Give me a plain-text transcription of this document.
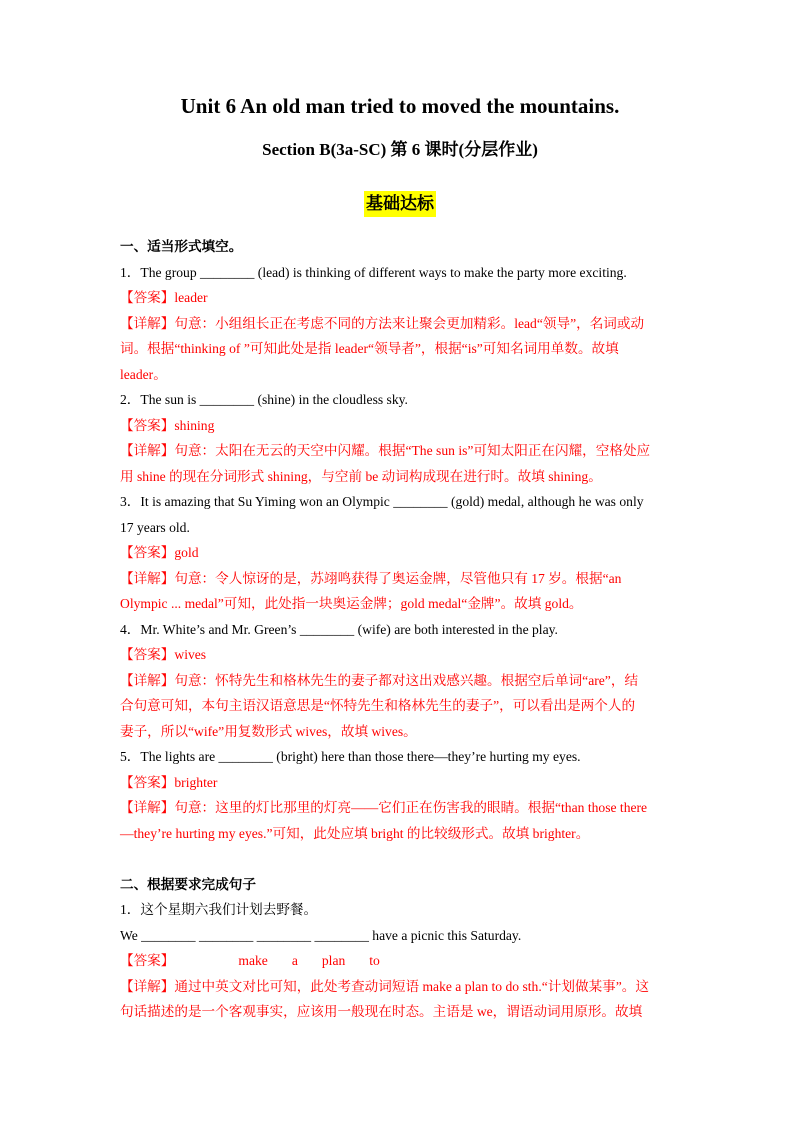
Unit 6 An old man tried to moved the mountains.
Section B(3a-SC) 第 6 课时(分层作业)
基础达标
一、适当形式填空。
1．The group ________ (lead) is thinking of different ways to make the party more exciting.
【答案】leader
【详解】句意：小组组长正在考虑不同的方法来让聚会更加精彩。lead“领导”，名词或动
词。根据“thinking of ”可知此处是指 leader“领导者”，根据“is”可知名词用单数。故填
leader。
2．The sun is ________ (shine) in the cloudless sky.
【答案】shining
【详解】句意：太阳在无云的天空中闪耀。根据“The sun is”可知太阳正在闪耀，空格处应
用 shine 的现在分词形式 shining，与空前 be 动词构成现在进行时。故填 shining。
3．It is amazing that Su Yiming won an Olympic ________ (gold) medal, although he was only
17 years old.
【答案】gold
【详解】句意：令人惊讶的是，苏翊鸣获得了奥运金牌，尽管他只有 17 岁。根据“an
Olympic ... medal”可知，此处指一块奥运金牌；gold medal“金牌”。故填 gold。
4．Mr. White’s and Mr. Green’s ________ (wife) are both interested in the play.
【答案】wives
【详解】句意：怀特先生和格林先生的妻子都对这出戏感兴趣。根据空后单词“are”，结
合句意可知，本句主语汉语意思是“怀特先生和格林先生的妻子”，可以看出是两个人的
妻子，所以“wife”用复数形式 wives，故填 wives。
5．The lights are ________ (bright) here than those there—they’re hurting my eyes.
【答案】brighter
【详解】句意：这里的灯比那里的灯亮——它们正在伤害我的眼睛。根据“than those there
—they’re hurting my eyes.”可知，此处应填 bright 的比较级形式。故填 brighter。
二、根据要求完成句子
1．这个星期六我们计划去野餐。
We ________ ________ ________ ________ have a picnic this Saturday.
【答案】	make a plan to
【详解】通过中英文对比可知，此处考查动词短语 make a plan to do sth.“计划做某事”。这
句话描述的是一个客观事实，应该用一般现在时态。主语是 we，谓语动词用原形。故填
